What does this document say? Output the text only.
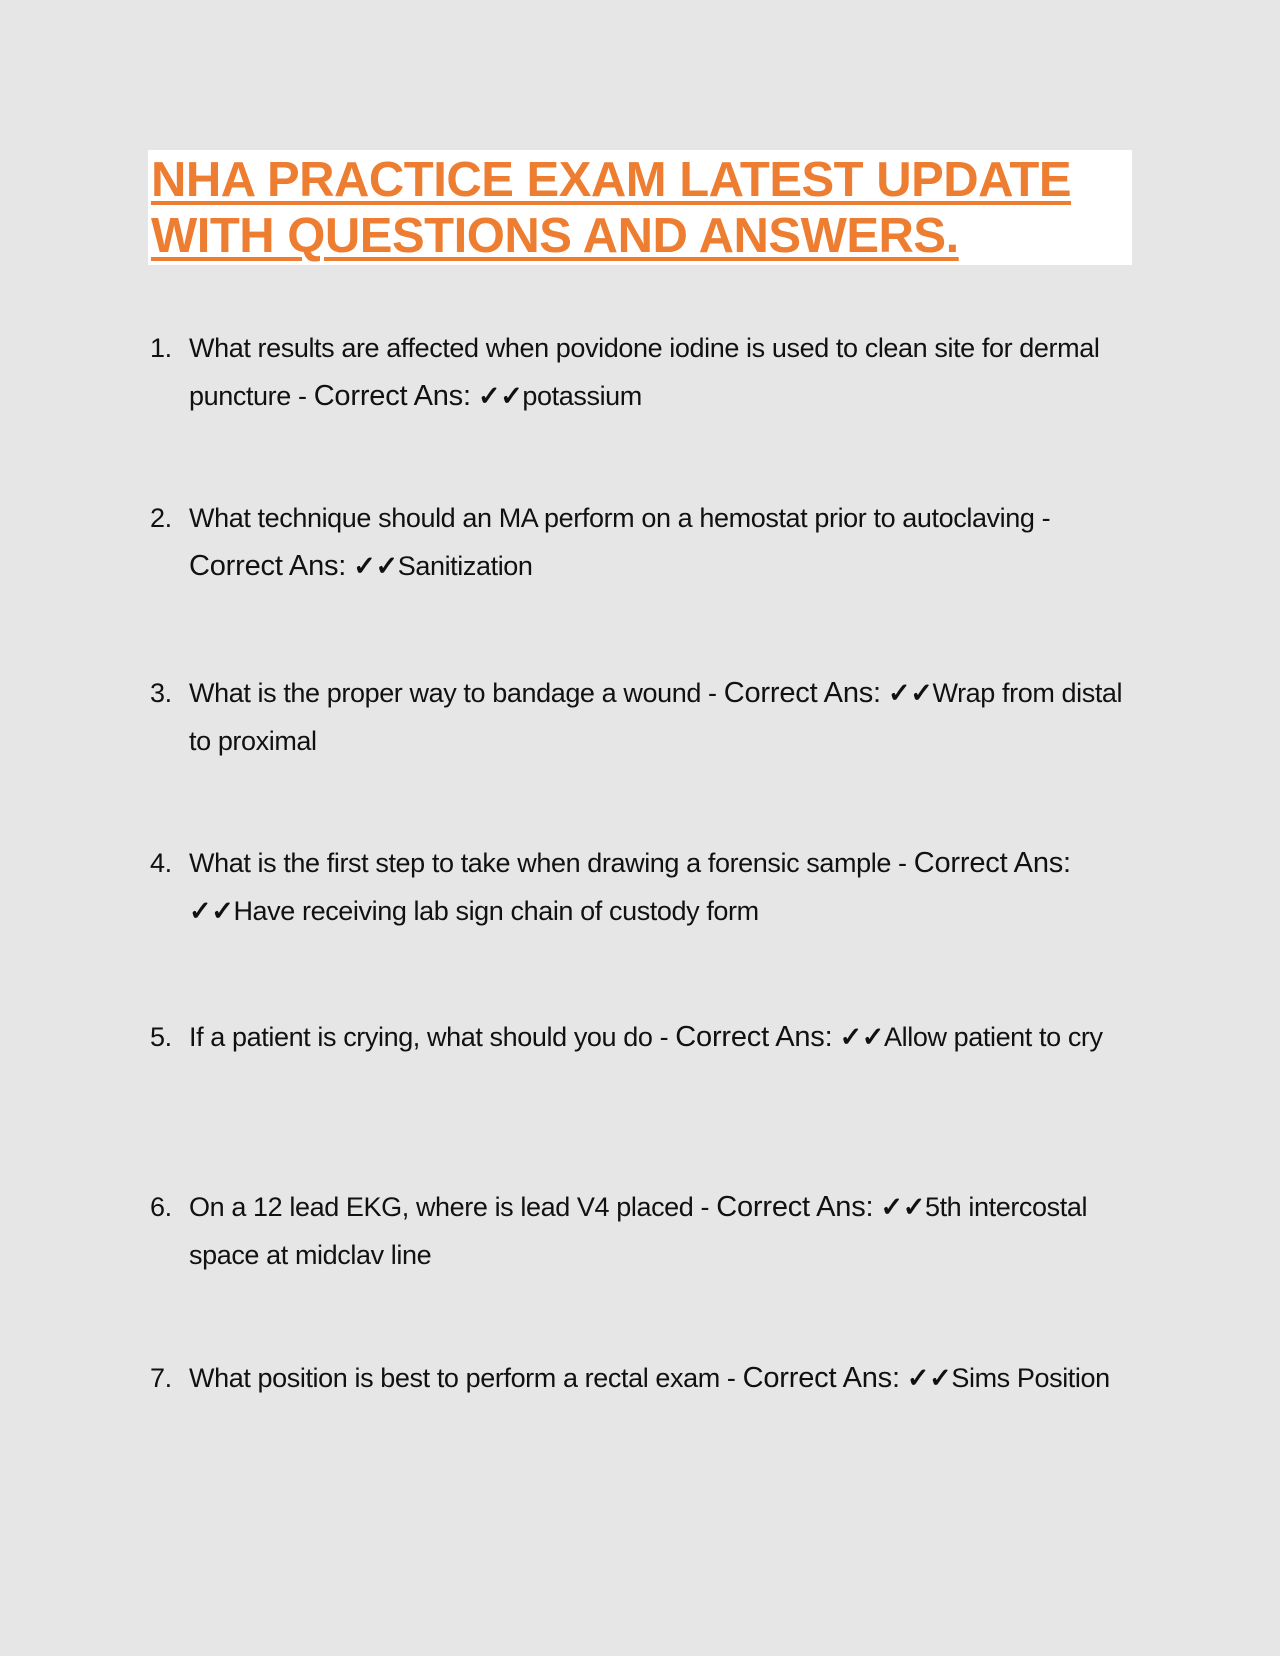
NHA PRACTICE EXAM LATEST UPDATE
WITH QUESTIONS AND ANSWERS.
1. What results are affected when povidone iodine is used to clean site for dermal puncture - Correct Ans: ✓✓potassium
2. What technique should an MA perform on a hemostat prior to autoclaving - Correct Ans: ✓✓Sanitization
3. What is the proper way to bandage a wound - Correct Ans: ✓✓Wrap from distal to proximal
4. What is the first step to take when drawing a forensic sample - Correct Ans: ✓✓Have receiving lab sign chain of custody form
5. If a patient is crying, what should you do - Correct Ans: ✓✓Allow patient to cry
6. On a 12 lead EKG, where is lead V4 placed - Correct Ans: ✓✓5th intercostal space at midclav line
7. What position is best to perform a rectal exam - Correct Ans: ✓✓Sims Position
